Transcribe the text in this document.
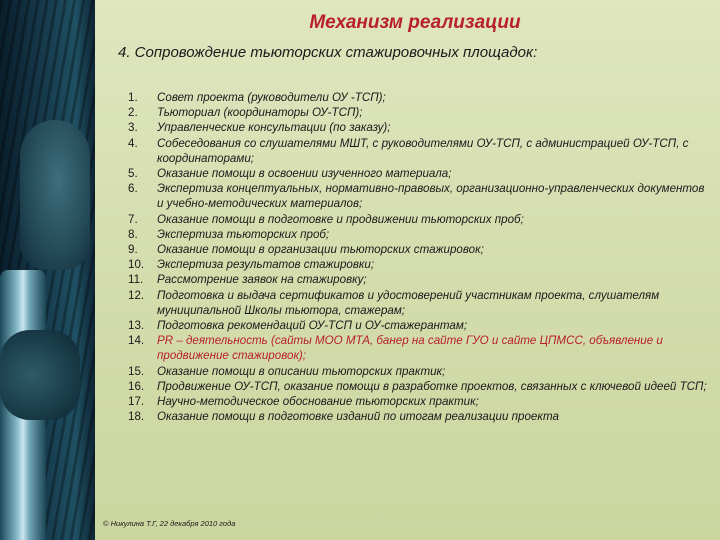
Механизм реализации
4. Сопровождение тьюторских стажировочных площадок:
1.	Совет проекта (руководители ОУ -ТСП);
2.	Тьюториал (координаторы ОУ-ТСП);
3.	Управленческие консультации (по заказу);
4.	Собеседования со слушателями МШТ, с руководителями ОУ-ТСП, с администрацией ОУ-ТСП, с координаторами;
5.	Оказание помощи в освоении изученного материала;
6.	Экспертиза концептуальных, нормативно-правовых, организационно-управленческих документов и учебно-методических материалов;
7.	Оказание помощи в подготовке и продвижении тьюторских проб;
8.	Экспертиза тьюторских проб;
9.	Оказание помощи в организации тьюторских стажировок;
10.	Экспертиза результатов стажировки;
11.	Рассмотрение заявок на стажировку;
12.	Подготовка и выдача сертификатов и удостоверений участникам проекта, слушателям муниципальной Школы тьютора, стажерам;
13.	Подготовка рекомендаций ОУ-ТСП и ОУ-стажерантам;
14.	PR – деятельность (сайты МОО МТА, банер на сайте ГУО и сайте ЦПМСС, объявление и продвижение стажировок);
15.	Оказание помощи в описании тьюторских практик;
16.	Продвижение ОУ-ТСП, оказание помощи в разработке проектов, связанных с ключевой идеей ТСП;
17.	Научно-методическое обоснование тьюторских практик;
18.	Оказание помощи в подготовке изданий по итогам реализации проекта
© Никулина Т.Г, 22 декабря 2010 года
